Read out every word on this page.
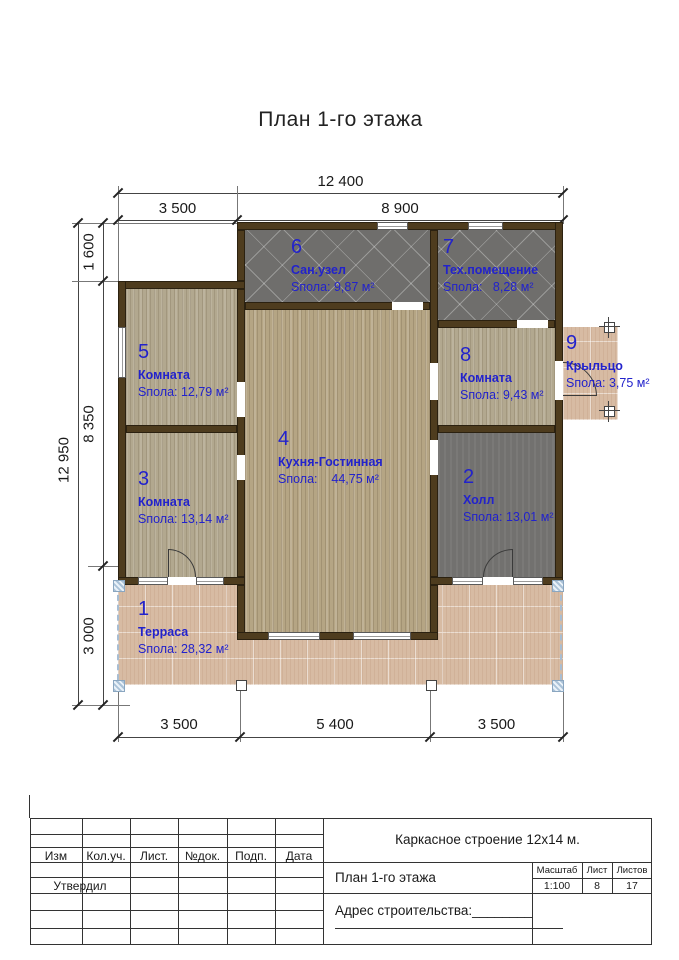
План 1-го этажа
12 400
3 500	8 900
12 950
1 600
8 350
3 000
3 500	5 400	3 500
1
Терраса
Sпола: 28,32 м²
2
Холл
Sпола: 13,01 м²
3
Комната
Sпола: 13,14 м²
4
Кухня-Гостинная
Sпола:    44,75 м²
5
Комната
Sпола: 12,79 м²
6
Сан.узел
Sпола: 9,87 м²
7
Тех.помещение
Sпола:   8,28 м²
8
Комната
Sпола: 9,43 м²
9
Крыльцо
Sпола: 3,75 м²
Изм	Кол.уч.	Лист.	№док.	Подп.	Дата
Утвердил
Каркасное строение 12х14 м.
План 1-го этажа	Масштаб Лист Листов
1:100	8	17
Адрес строительства:________
